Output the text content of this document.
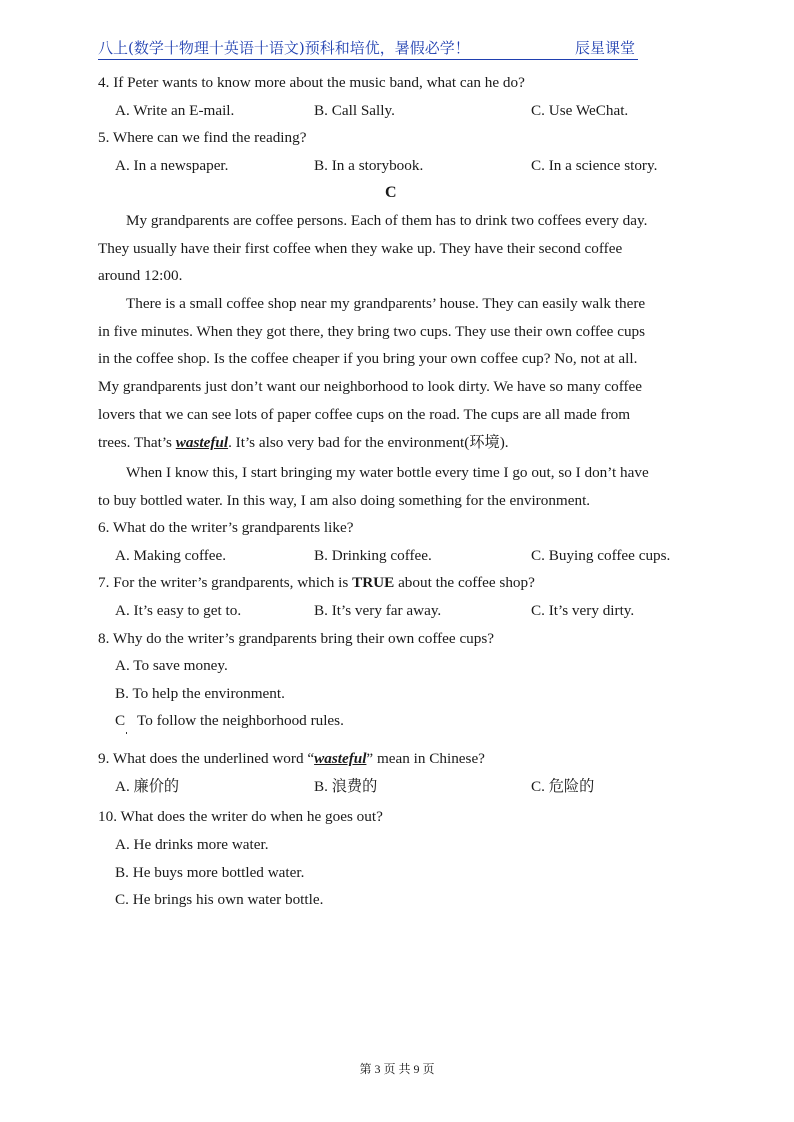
八上(数学十物理十英语十语文)预科和培优，暑假必学！	辰星课堂
4. If Peter wants to know more about the music band, what can he do?
A. Write an E-mail.	B. Call Sally.	C. Use WeChat.
5. Where can we find the reading?
A. In a newspaper.	B. In a storybook.	C. In a science story.
C
My grandparents are coffee persons. Each of them has to drink two coffees every day.
They usually have their first coffee when they wake up. They have their second coffee
around 12:00.
There is a small coffee shop near my grandparents’ house. They can easily walk there
in five minutes. When they got there, they bring two cups. They use their own coffee cups
in the coffee shop. Is the coffee cheaper if you bring your own coffee cup? No, not at all.
My grandparents just don’t want our neighborhood to look dirty. We have so many coffee
lovers that we can see lots of paper coffee cups on the road. The cups are all made from
trees. That’s wasteful. It’s also very bad for the environment(环境).
When I know this, I start bringing my water bottle every time I go out, so I don’t have
to buy bottled water. In this way, I am also doing something for the environment.
6. What do the writer’s grandparents like?
A. Making coffee.	B. Drinking coffee.	C. Buying coffee cups.
7. For the writer’s grandparents, which is TRUE about the coffee shop?
A. It’s easy to get to.	B. It’s very far away.	C. It’s very dirty.
8. Why do the writer’s grandparents bring their own coffee cups?
A. To save money.
B. To help the environment.
C To follow the neighborhood rules.
9. What does the underlined word “wasteful” mean in Chinese?
A. 廉价的	B. 浪费的	C. 危险的
10. What does the writer do when he goes out?
A. He drinks more water.
B. He buys more bottled water.
C. He brings his own water bottle.
第 3 页 共 9 页
